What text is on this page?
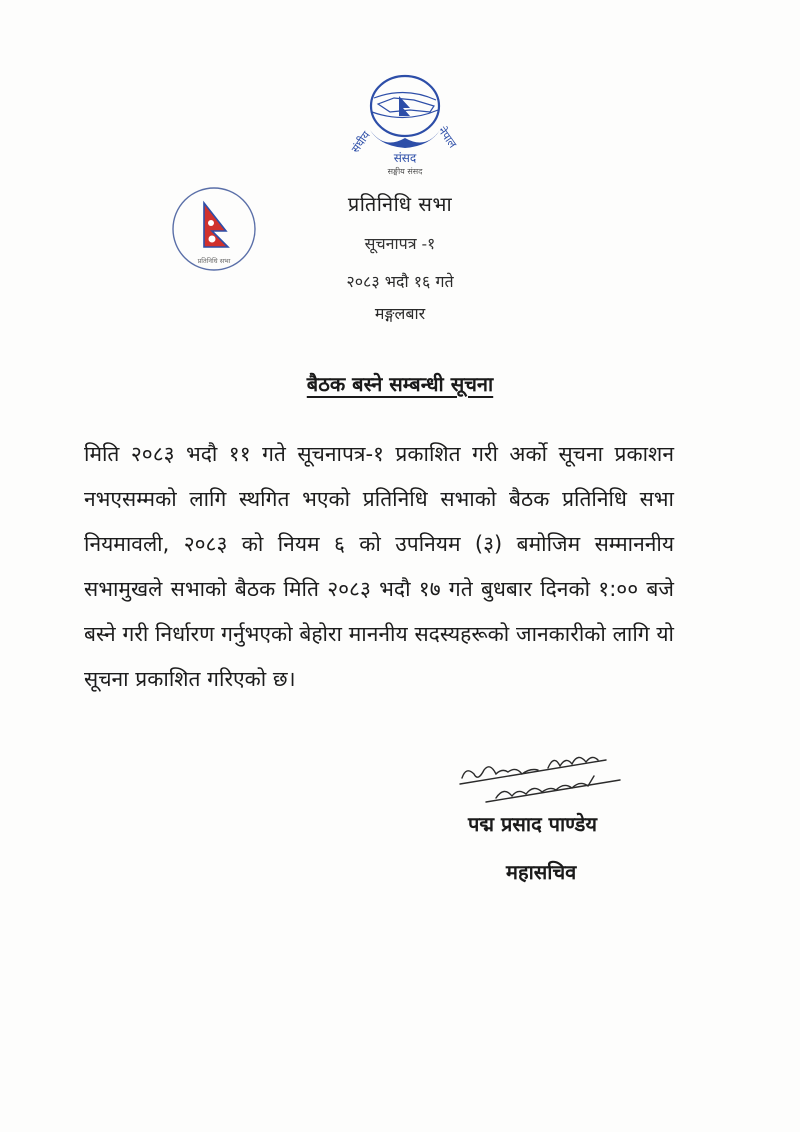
संघीय	नेपाल
संसद
सङ्घीय संसद
प्रतिनिधि सभा
प्रतिनिधि सभा
सूचनापत्र -१
२०८३ भदौ १६ गते
मङ्गलबार
बैठक बस्ने सम्बन्धी सूचना
मिति २०८३ भदौ ११ गते सूचनापत्र-१ प्रकाशित गरी अर्को सूचना प्रकाशन नभएसम्मको लागि स्थगित भएको प्रतिनिधि सभाको बैठक प्रतिनिधि सभा नियमावली, २०८३ को नियम ६ को उपनियम (३) बमोजिम सम्माननीय सभामुखले सभाको बैठक मिति २०८३ भदौ १७ गते बुधबार दिनको १:०० बजे बस्ने गरी निर्धारण गर्नुभएको बेहोरा माननीय सदस्यहरूको जानकारीको लागि यो सूचना प्रकाशित गरिएको छ।
पद्म प्रसाद पाण्डेय
महासचिव
